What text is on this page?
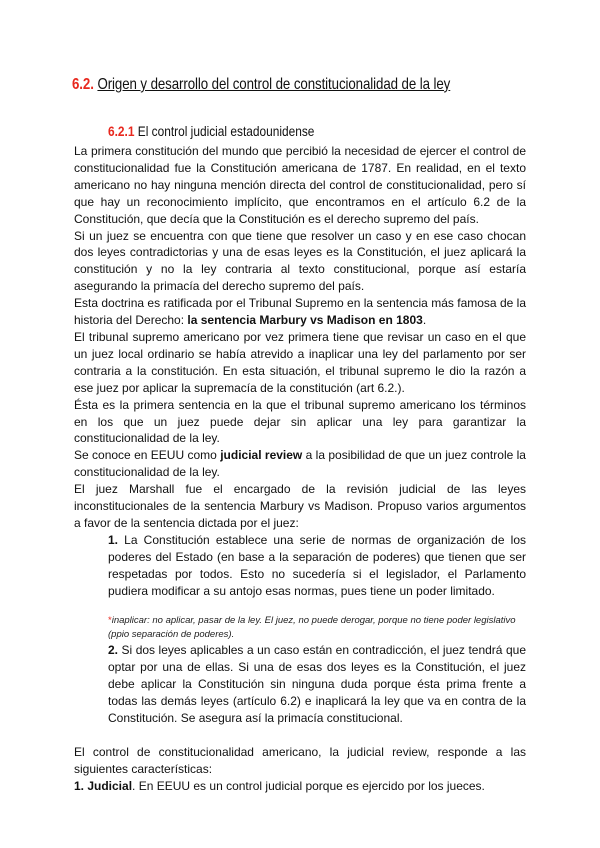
6.2. Origen y desarrollo del control de constitucionalidad de la ley
6.2.1 El control judicial estadounidense

La primera constitución del mundo que percibió la necesidad de ejercer el control de constitucionalidad fue la Constitución americana de 1787. En realidad, en el texto americano no hay ninguna mención directa del control de constitucionalidad, pero sí que hay un reconocimiento implícito, que encontramos en el artículo 6.2 de la Constitución, que decía que la Constitución es el derecho supremo del país.

Si un juez se encuentra con que tiene que resolver un caso y en ese caso chocan dos leyes contradictorias y una de esas leyes es la Constitución, el juez aplicará la constitución y no la ley contraria al texto constitucional, porque así estaría asegurando la primacía del derecho supremo del país.

Esta doctrina es ratificada por el Tribunal Supremo en la sentencia más famosa de la historia del Derecho: la sentencia Marbury vs Madison en 1803.

El tribunal supremo americano por vez primera tiene que revisar un caso en el que un juez local ordinario se había atrevido a inaplicar una ley del parlamento por ser contraria a la constitución. En esta situación, el tribunal supremo le dio la razón a ese juez por aplicar la supremacía de la constitución (art 6.2.).

Ésta es la primera sentencia en la que el tribunal supremo americano los términos en los que un juez puede dejar sin aplicar una ley para garantizar la constitucionalidad de la ley.

Se conoce en EEUU como judicial review a la posibilidad de que un juez controle la constitucionalidad de la ley.

El juez Marshall fue el encargado de la revisión judicial de las leyes inconstitucionales de la sentencia Marbury vs Madison. Propuso varios argumentos a favor de la sentencia dictada por el juez:

1. La Constitución establece una serie de normas de organización de los poderes del Estado (en base a la separación de poderes) que tienen que ser respetadas por todos. Esto no sucedería si el legislador, el Parlamento pudiera modificar a su antojo esas normas, pues tiene un poder limitado.
*inaplicar: no aplicar, pasar de la ley. El juez, no puede derogar, porque no tiene poder legislativo (ppio separación de poderes).
2. Si dos leyes aplicables a un caso están en contradicción, el juez tendrá que optar por una de ellas. Si una de esas dos leyes es la Constitución, el juez debe aplicar la Constitución sin ninguna duda porque ésta prima frente a todas las demás leyes (artículo 6.2) e inaplicará la ley que va en contra de la Constitución. Se asegura así la primacía constitucional.

El control de constitucionalidad americano, la judicial review, responde a las siguientes características:

1. Judicial. En EEUU es un control judicial porque es ejercido por los jueces.
